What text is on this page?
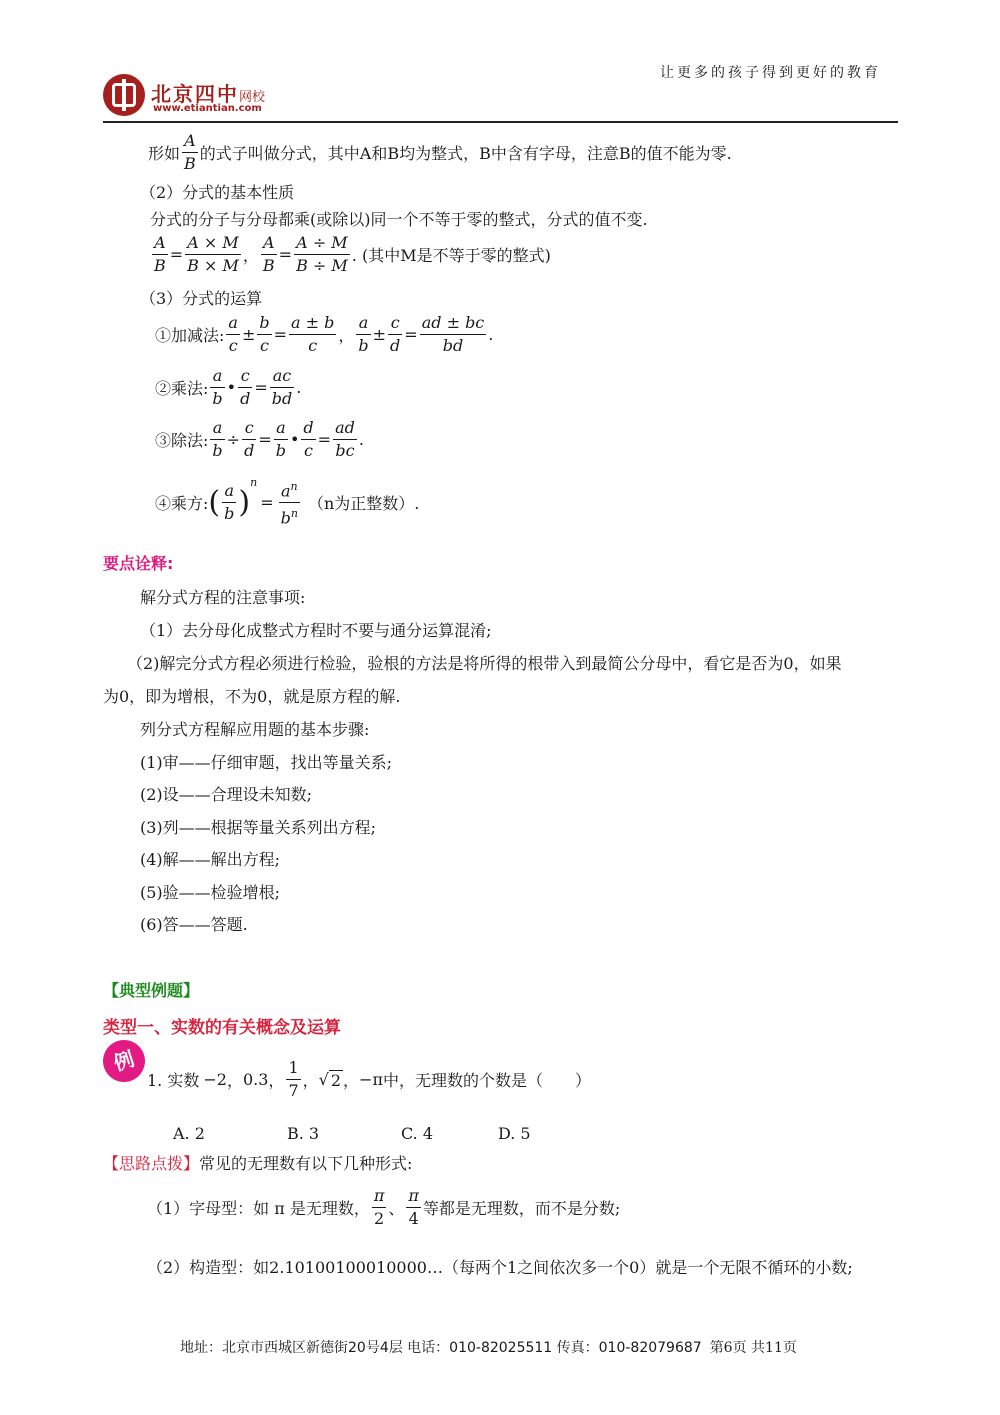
北京四中网校
www.etiantian.com
让更多的孩子得到更好的教育
形如 $\frac{A}{B}$ 的式子叫做分式，其中A和B均为整式，B中含有字母，注意B的值不能为零.
（2）分式的基本性质
分式的分子与分母都乘(或除以)同一个不等于零的整式，分式的值不变.
$\frac{A}{B} = \frac{A \times M}{B \times M}$ ， $\frac{A}{B} = \frac{A \div M}{B \div M}$ . (其中M是不等于零的整式)
（3）分式的运算
①加减法: $\frac{a}{c} \pm \frac{b}{c} = \frac{a \pm b}{c}$ ， $\frac{a}{b} \pm \frac{c}{d} = \frac{ad \pm bc}{bd}$ .
②乘法: $\frac{a}{b}$ • $\frac{c}{d} = \frac{ac}{bd}$ .
③除法: $\frac{a}{b} \div \frac{c}{d} = \frac{a}{b}$ • $\frac{d}{c} = \frac{ad}{bc}$ .
④乘方: ( $\frac{a}{b}$ )
n
= $\frac{a^n}{b^n} (n$为正整数）.
要点诠释:
解分式方程的注意事项:
（1）去分母化成整式方程时不要与通分运算混淆;
（2)解完分式方程必须进行检验，验根的方法是将所得的根带入到最简公分母中，看它是否为0，如果
为0，即为增根，不为0，就是原方程的解.
列分式方程解应用题的基本步骤:
(1)审——仔细审题，找出等量关系;
(2)设——合理设未知数;
(3)列——根据等量关系列出方程;
(4)解——解出方程;
(5)验——检验增根;
(6)答——答题.
【典型例题】
类型一、实数的有关概念及运算
例
1. 实数 −2 ， 0.3 ， $\frac{1}{7}$ ， √ 2 ， −π 中，无理数的个数是（　　）
A. 2	B. 3	C. 4	D. 5
【思路点拨】常见的无理数有以下几种形式:
（1）字母型：如 π 是无理数， $\frac{\pi}{2}$ 、 $\frac{\pi}{4}$ 等都是无理数，而不是分数;
（2）构造型：如2.10100100010000…（每两个1之间依次多一个0）就是一个无限不循环的小数;
地址：北京市西城区新德街20号4层 电话：010-82025511 传真：010-82079687 第6页 共11页
